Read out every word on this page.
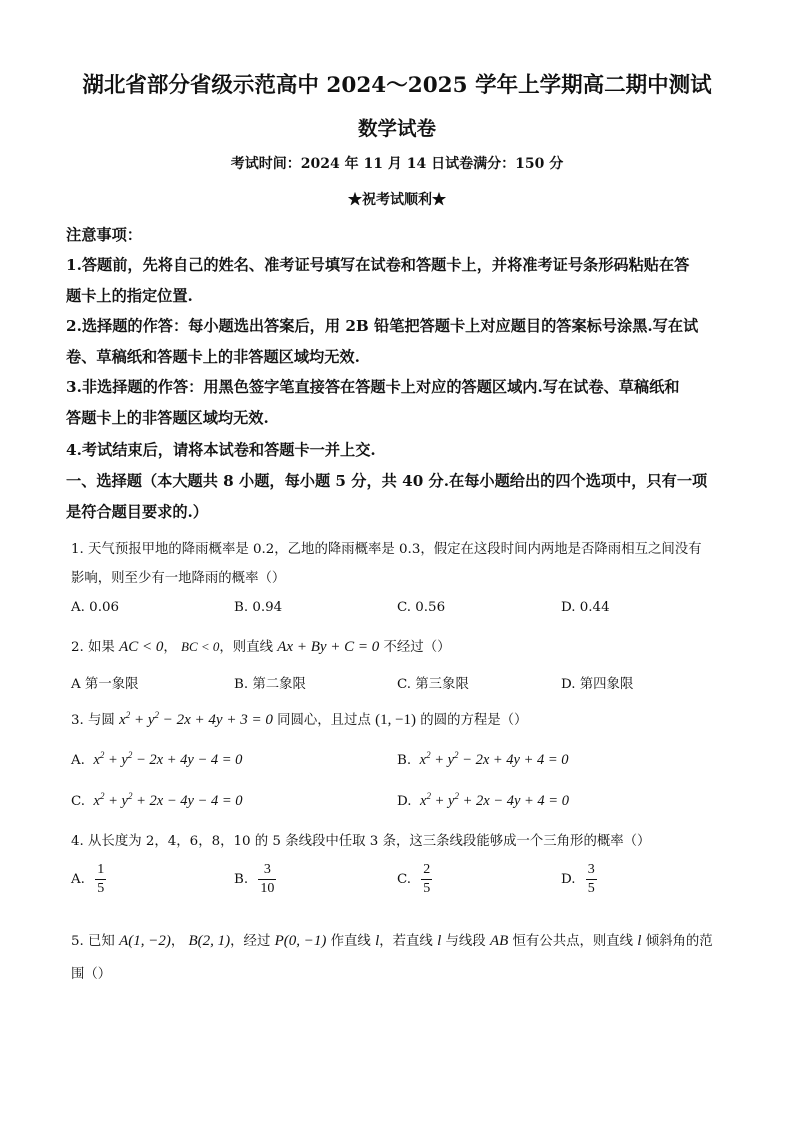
湖北省部分省级示范高中 2024～2025 学年上学期高二期中测试
数学试卷
考试时间：2024 年 11 月 14 日试卷满分：150 分
★祝考试顺利★
注意事项：
1.答题前，先将自己的姓名、准考证号填写在试卷和答题卡上，并将准考证号条形码粘贴在答
题卡上的指定位置.
2.选择题的作答：每小题选出答案后，用 2B 铅笔把答题卡上对应题目的答案标号涂黑.写在试
卷、草稿纸和答题卡上的非答题区域均无效.
3.非选择题的作答：用黑色签字笔直接答在答题卡上对应的答题区域内.写在试卷、草稿纸和
答题卡上的非答题区域均无效.
4.考试结束后，请将本试卷和答题卡一并上交.
一、选择题（本大题共 8 小题，每小题 5 分，共 40 分.在每小题给出的四个选项中，只有一项
是符合题目要求的.）
1. 天气预报甲地的降雨概率是 0.2，乙地的降雨概率是 0.3，假定在这段时间内两地是否降雨相互之间没有
影响，则至少有一地降雨的概率（）
A. 0.06	B. 0.94	C. 0.56	D. 0.44
2. 如果 AC < 0， BC < 0，则直线 Ax + By + C = 0 不经过（）
A 第一象限	B. 第二象限	C. 第三象限	D. 第四象限
3. 与圆 $x^2 + y^2 - 2x + 4y + 3 = 0$ 同圆心，且过点 (1, −1) 的圆的方程是（）
A. $x^2 + y^2 - 2x + 4y - 4 = 0$	B. $x^2 + y^2 - 2x + 4y + 4 = 0$
C. $x^2 + y^2 + 2x - 4y - 4 = 0$	D. $x^2 + y^2 + 2x - 4y + 4 = 0$
4. 从长度为 2，4，6，8，10 的 5 条线段中任取 3 条，这三条线段能够成一个三角形的概率（）
A. $\frac{1}{5}$	B. $\frac{3}{10}$	C. $\frac{2}{5}$	D. $\frac{3}{5}$
5. 已知 A(1, −2)， B(2, 1)，经过 P(0, −1) 作直线 l，若直线 l 与线段 AB 恒有公共点，则直线 l 倾斜角的范
围（）
